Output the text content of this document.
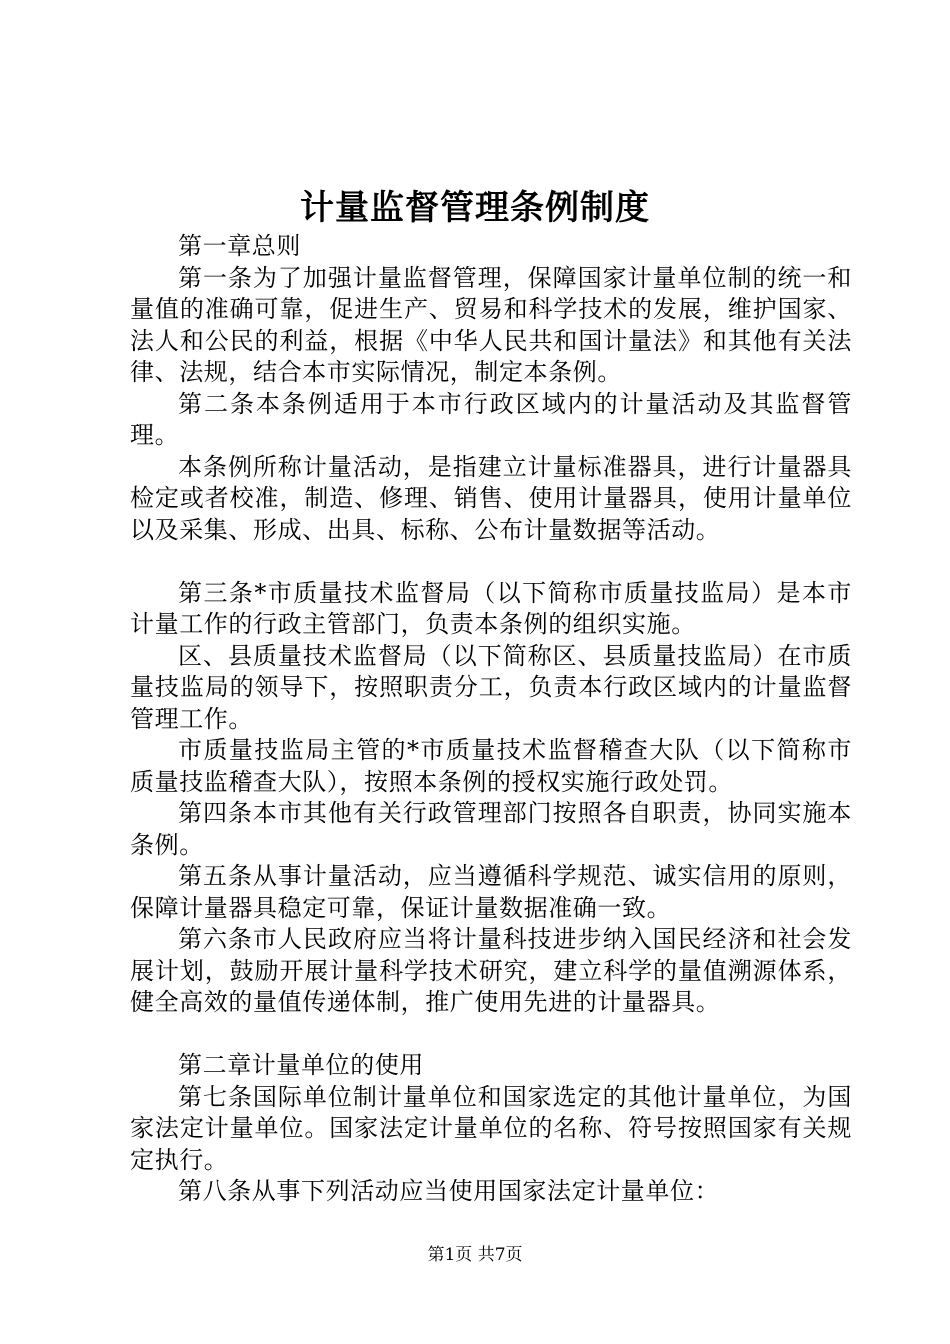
计量监督管理条例制度

第一章总则

第一条为了加强计量监督管理，保障国家计量单位制的统一和量值的准确可靠，促进生产、贸易和科学技术的发展，维护国家、法人和公民的利益，根据《中华人民共和国计量法》和其他有关法律、法规，结合本市实际情况，制定本条例。

第二条本条例适用于本市行政区域内的计量活动及其监督管理。

本条例所称计量活动，是指建立计量标准器具，进行计量器具检定或者校准，制造、修理、销售、使用计量器具，使用计量单位以及采集、形成、出具、标称、公布计量数据等活动。

第三条*市质量技术监督局（以下简称市质量技监局）是本市计量工作的行政主管部门，负责本条例的组织实施。

区、县质量技术监督局（以下简称区、县质量技监局）在市质量技监局的领导下，按照职责分工，负责本行政区域内的计量监督管理工作。

市质量技监局主管的*市质量技术监督稽查大队（以下简称市质量技监稽查大队），按照本条例的授权实施行政处罚。

第四条本市其他有关行政管理部门按照各自职责，协同实施本条例。

第五条从事计量活动，应当遵循科学规范、诚实信用的原则，保障计量器具稳定可靠，保证计量数据准确一致。

第六条市人民政府应当将计量科技进步纳入国民经济和社会发展计划，鼓励开展计量科学技术研究，建立科学的量值溯源体系，健全高效的量值传递体制，推广使用先进的计量器具。

第二章计量单位的使用

第七条国际单位制计量单位和国家选定的其他计量单位，为国家法定计量单位。国家法定计量单位的名称、符号按照国家有关规定执行。

第八条从事下列活动应当使用国家法定计量单位：

第1页 共7页
